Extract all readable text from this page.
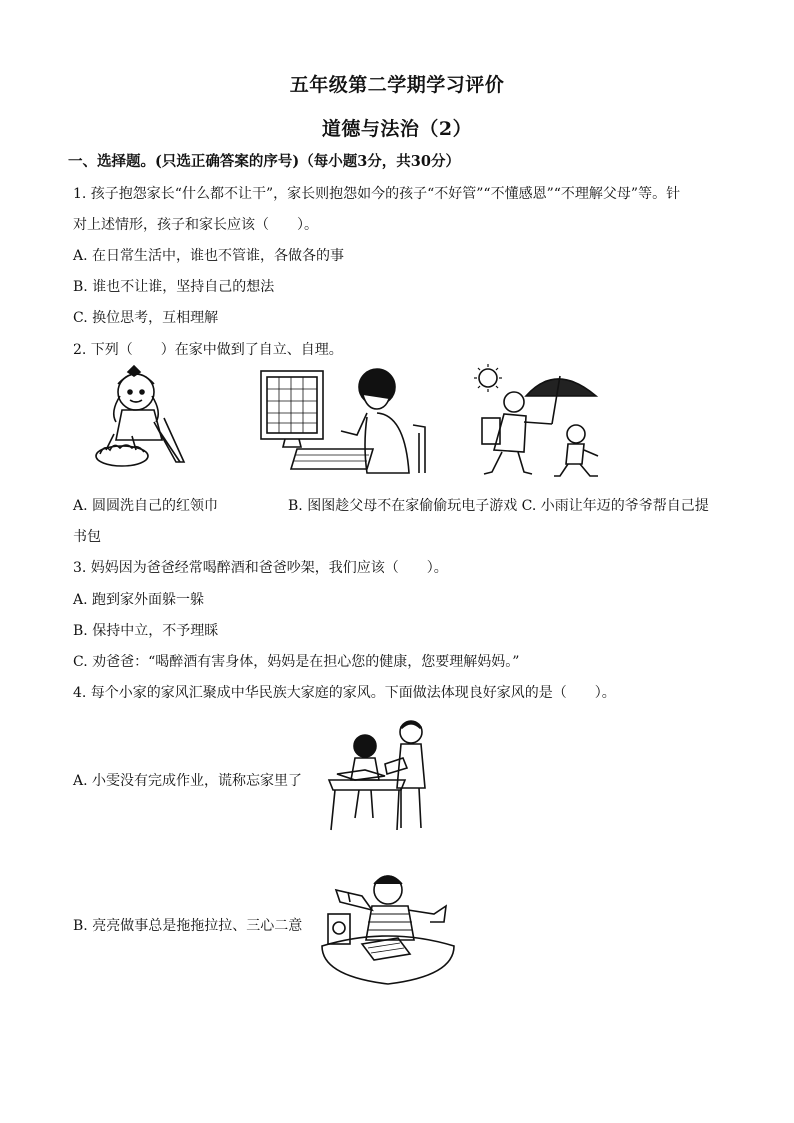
五年级第二学期学习评价
道德与法治（2）
一、选择题。(只选正确答案的序号)（每小题3分，共30分）
1. 孩子抱怨家长“什么都不让干”，家长则抱怨如今的孩子“不好管”“不懂感恩”“不理解父母”等。针
对上述情形，孩子和家长应该（　　）。
A. 在日常生活中，谁也不管谁，各做各的事
B. 谁也不让谁，坚持自己的想法
C. 换位思考，互相理解
2. 下列（　　）在家中做到了自立、自理。
A. 圆圆洗自己的红领巾	B. 图图趁父母不在家偷偷玩电子游戏 C. 小雨让年迈的爷爷帮自己提
书包
3. 妈妈因为爸爸经常喝醉酒和爸爸吵架，我们应该（　　）。
A. 跑到家外面躲一躲
B. 保持中立，不予理睬
C. 劝爸爸：“喝醉酒有害身体，妈妈是在担心您的健康，您要理解妈妈。”
4. 每个小家的家风汇聚成中华民族大家庭的家风。下面做法体现良好家风的是（　　）。
A. 小雯没有完成作业，谎称忘家里了
B. 亮亮做事总是拖拖拉拉、三心二意
